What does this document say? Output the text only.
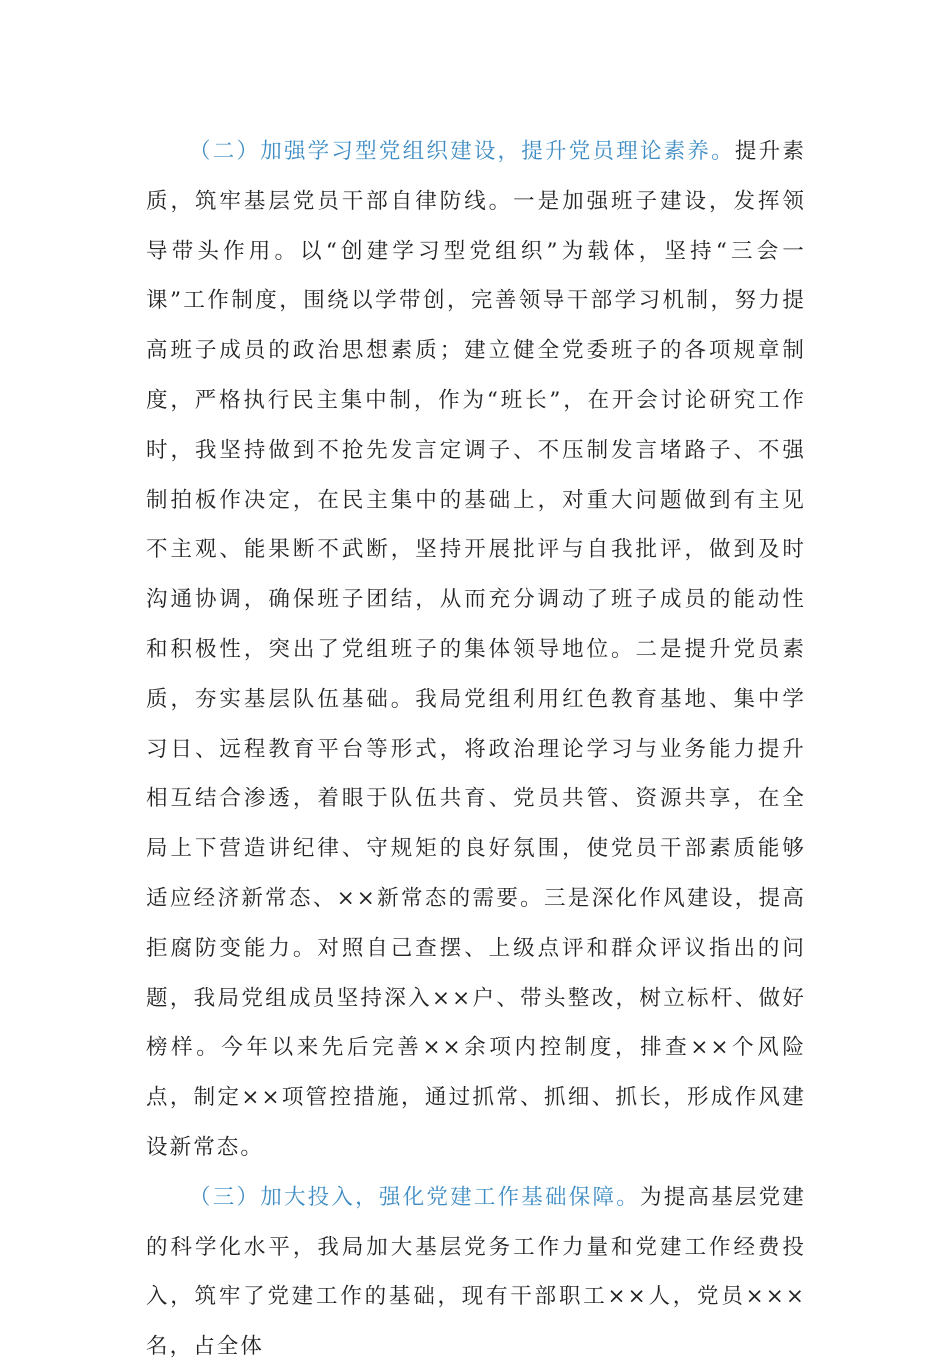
（二）加强学习型党组织建设，提升党员理论素养。提升素质，筑牢基层党员干部自律防线。一是加强班子建设，发挥领导带头作用。以“创建学习型党组织”为载体，坚持“三会一课”工作制度，围绕以学带创，完善领导干部学习机制，努力提高班子成员的政治思想素质；建立健全党委班子的各项规章制度，严格执行民主集中制，作为“班长”，在开会讨论研究工作时，我坚持做到不抢先发言定调子、不压制发言堵路子、不强制拍板作决定，在民主集中的基础上，对重大问题做到有主见不主观、能果断不武断，坚持开展批评与自我批评，做到及时沟通协调，确保班子团结，从而充分调动了班子成员的能动性和积极性，突出了党组班子的集体领导地位。二是提升党员素质，夯实基层队伍基础。我局党组利用红色教育基地、集中学习日、远程教育平台等形式，将政治理论学习与业务能力提升相互结合渗透，着眼于队伍共育、党员共管、资源共享，在全局上下营造讲纪律、守规矩的良好氛围，使党员干部素质能够适应经济新常态、××新常态的需要。三是深化作风建设，提高拒腐防变能力。对照自己查摆、上级点评和群众评议指出的问题，我局党组成员坚持深入××户、带头整改，树立标杆、做好榜样。今年以来先后完善××余项内控制度，排查××个风险点，制定××项管控措施，通过抓常、抓细、抓长，形成作风建设新常态。

（三）加大投入，强化党建工作基础保障。为提高基层党建的科学化水平，我局加大基层党务工作力量和党建工作经费投入，筑牢了党建工作的基础，现有干部职工××人，党员×××名，占全体
